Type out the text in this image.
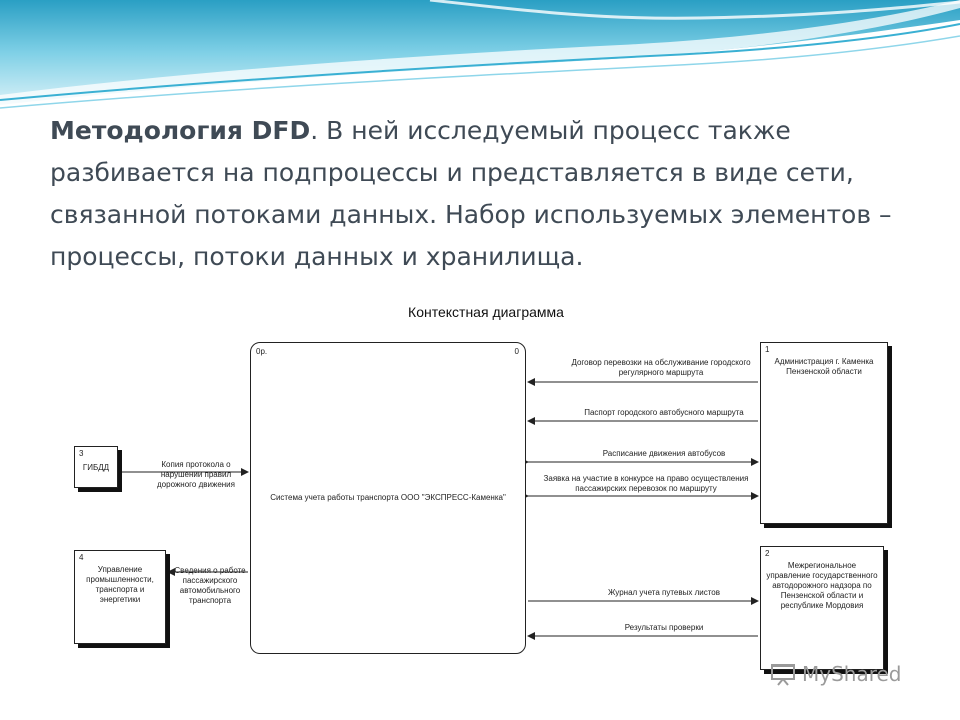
Методология DFD. В ней исследуемый процесс также разбивается на подпроцессы и представляется в виде сети, связанной потоками данных. Набор используемых элементов – процессы, потоки данных и хранилища.

Контекстная диаграмма
0р.	0
Система учета работы транспорта ООО "ЭКСПРЕСС-Каменка"
1
Администрация г. Каменка Пензенской области
2
Межрегиональное управление государственного автодорожного надзора по Пензенской области и республике Мордовия
3
ГИБДД
4
Управление промышленности, транспорта и энергетики
Договор перевозки на обслуживание городского регулярного маршрута
Паспорт городского автобусного маршрута
Расписание движения автобусов
Заявка на участие в конкурсе на право осуществления пассажирских перевозок по маршруту
Журнал учета путевых листов
Результаты проверки
Копия протокола о нарушении правил дорожного движения
Сведения о работе пассажирского автомобильного транспорта
MyShared
